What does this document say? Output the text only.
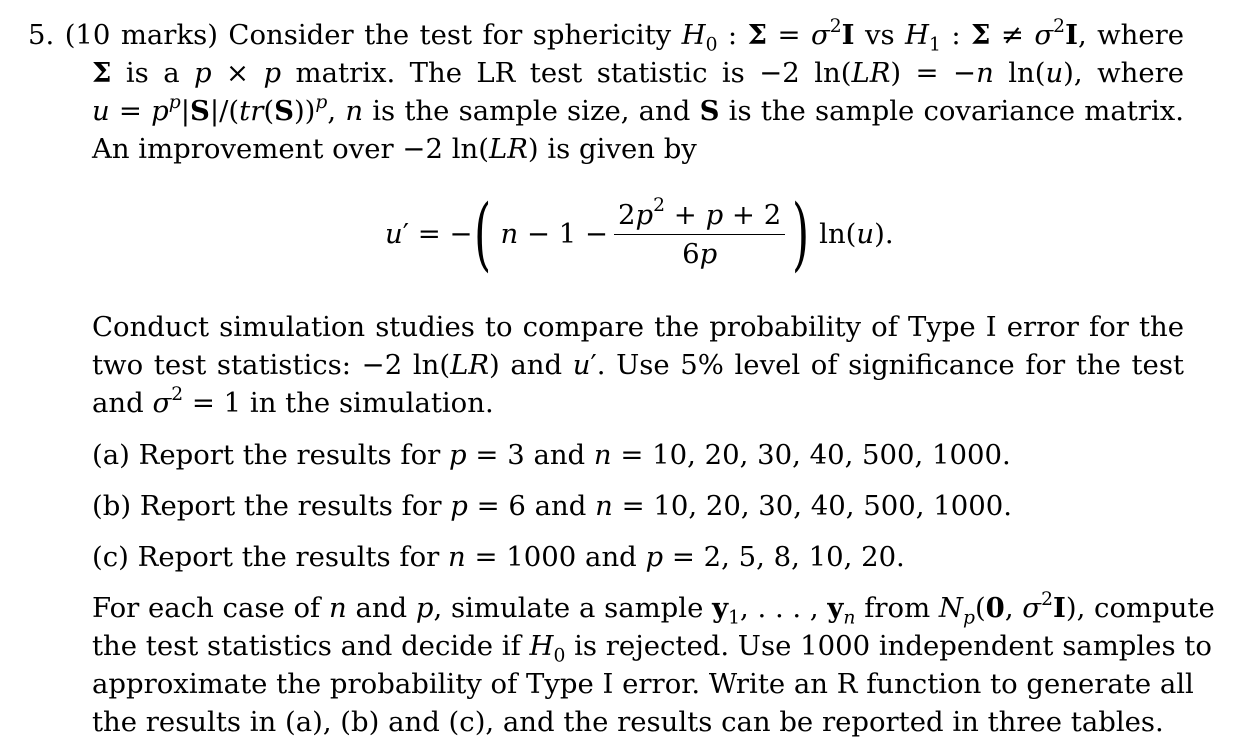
5. (10 marks) Consider the test for sphericity $H_0$ : $\Sigma = \sigma^2I$ vs $H_1$ : $\Sigma \ne \sigma^2I$, where
Σ is a p × p matrix. The LR test statistic is −2 ln(LR) = −n ln(u), where
$u = p^p|S|/(tr(S))^p$, n is the sample size, and S is the sample covariance matrix.
An improvement over −2 ln(LR) is given by
u′ = − ( $n - 1 - \frac{2p^2 + p + 2}{6p}$ ) ln(u).
Conduct simulation studies to compare the probability of Type I error for the
two test statistics: −2 ln(LR) and u′. Use 5% level of significance for the test
and $\sigma^2 = 1$ in the simulation.
(a) Report the results for p = 3 and n = 10, 20, 30, 40, 500, 1000.
(b) Report the results for p = 6 and n = 10, 20, 30, 40, 500, 1000.
(c) Report the results for n = 1000 and p = 2, 5, 8, 10, 20.
For each case of n and p, simulate a sample $y_1$, . . . , $y_n$ from $N_p(0$, $\sigma^2I$), compute
the test statistics and decide if $H_0$ is rejected. Use 1000 independent samples to
approximate the probability of Type I error. Write an R function to generate all
the results in (a), (b) and (c), and the results can be reported in three tables.
